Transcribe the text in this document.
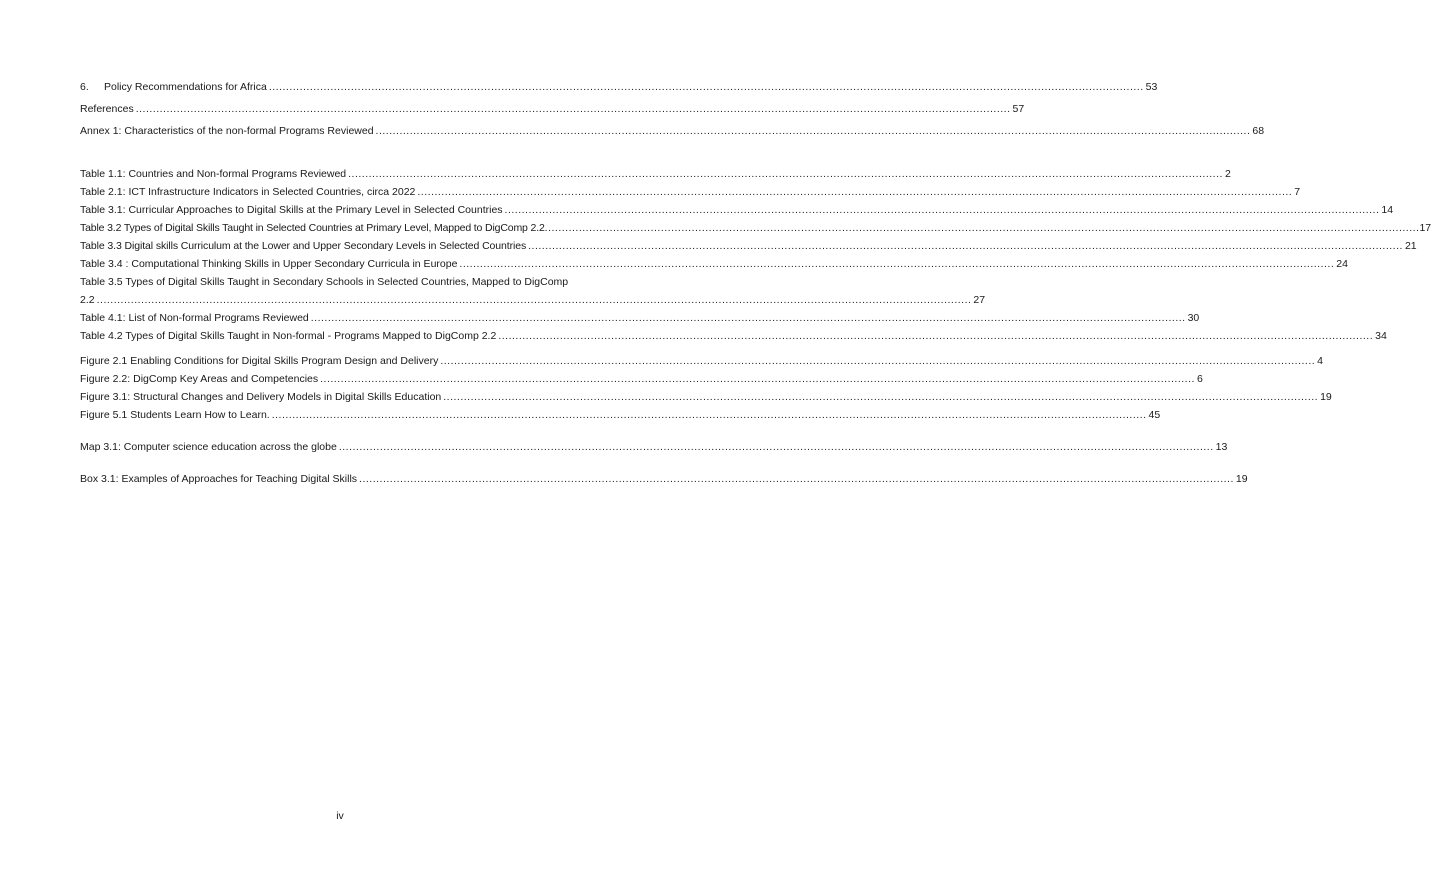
6. Policy Recommendations for Africa .....	53
References .....	57
Annex 1: Characteristics of the non-formal Programs Reviewed .....	68
Table 1.1: Countries and Non-formal Programs Reviewed .....	2
Table 2.1: ICT Infrastructure Indicators in Selected Countries, circa 2022 .....	7
Table 3.1: Curricular Approaches to Digital Skills at the Primary Level in Selected Countries .....	14
Table 3.2 Types of Digital Skills Taught in Selected Countries at Primary Level, Mapped to DigComp 2.2 .....	17
Table 3.3 Digital skills Curriculum at the Lower and Upper Secondary Levels in Selected Countries .....	21
Table 3.4 : Computational Thinking Skills in Upper Secondary Curricula in Europe .....	24
Table 3.5 Types of Digital Skills Taught in Secondary Schools in Selected Countries, Mapped to DigComp
2.2 .....	27
Table 4.1: List of Non-formal Programs Reviewed .....	30
Table 4.2 Types of Digital Skills Taught in Non-formal - Programs Mapped to DigComp 2.2 .....	34
Figure 2.1 Enabling Conditions for Digital Skills Program Design and Delivery .....	4
Figure 2.2: DigComp Key Areas and Competencies .....	6
Figure 3.1: Structural Changes and Delivery Models in Digital Skills Education .....	19
Figure 5.1 Students Learn How to Learn. .....	45
Map 3.1: Computer science education across the globe .....	13
Box 3.1: Examples of Approaches for Teaching Digital Skills .....	19
iv
